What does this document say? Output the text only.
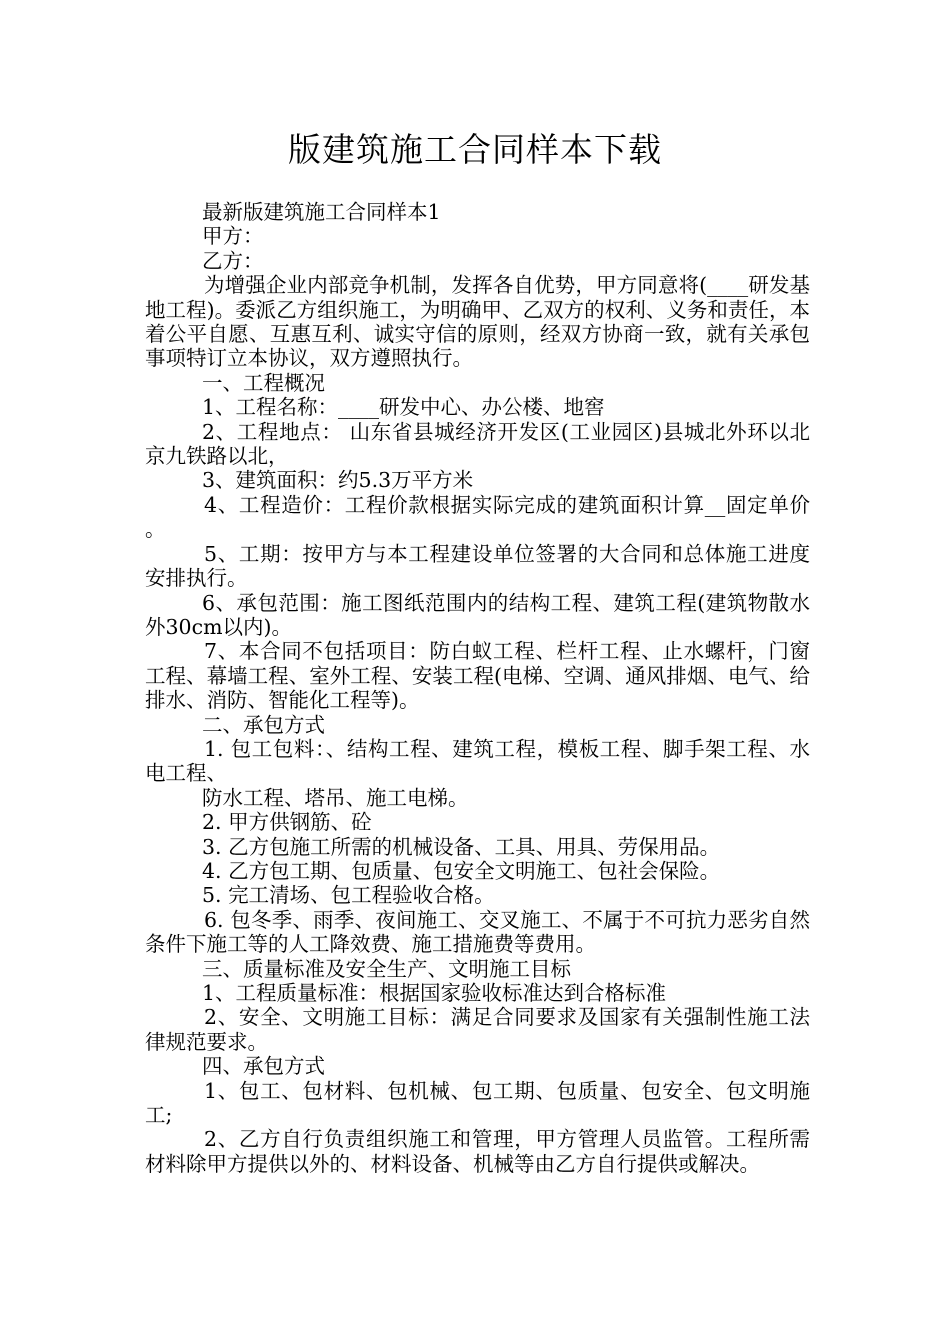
版建筑施工合同样本下载

最新版建筑施工合同样本1

甲方：

乙方：

为增强企业内部竞争机制，发挥各自优势，甲方同意将(____研发基地工程)。委派乙方组织施工，为明确甲、乙双方的权利、义务和责任，本着公平自愿、互惠互利、诚实守信的原则，经双方协商一致，就有关承包事项特订立本协议，双方遵照执行。

一、工程概况

1、工程名称：____研发中心、办公楼、地窖

2、工程地点： 山东省县城经济开发区(工业园区)县城北外环以北京九铁路以北，

3、建筑面积：约5.3万平方米

4、工程造价：工程价款根据实际完成的建筑面积计算__固定单价。

5、工期：按甲方与本工程建设单位签署的大合同和总体施工进度安排执行。

6、承包范围：施工图纸范围内的结构工程、建筑工程(建筑物散水外30cm以内)。

7、本合同不包括项目：防白蚁工程、栏杆工程、止水螺杆，门窗工程、幕墙工程、室外工程、安装工程(电梯、空调、通风排烟、电气、给排水、消防、智能化工程等)。

二、承包方式

1. 包工包料：、结构工程、建筑工程，模板工程、脚手架工程、水电工程、

防水工程、塔吊、施工电梯。

2. 甲方供钢筋、砼

3. 乙方包施工所需的机械设备、工具、用具、劳保用品。

4. 乙方包工期、包质量、包安全文明施工、包社会保险。

5. 完工清场、包工程验收合格。

6. 包冬季、雨季、夜间施工、交叉施工、不属于不可抗力恶劣自然条件下施工等的人工降效费、施工措施费等费用。

三、质量标准及安全生产、文明施工目标

1、工程质量标准：根据国家验收标准达到合格标准

2、安全、文明施工目标：满足合同要求及国家有关强制性施工法律规范要求。

四、承包方式

1、包工、包材料、包机械、包工期、包质量、包安全、包文明施工;

2、乙方自行负责组织施工和管理，甲方管理人员监管。工程所需材料除甲方提供以外的、材料设备、机械等由乙方自行提供或解决。
